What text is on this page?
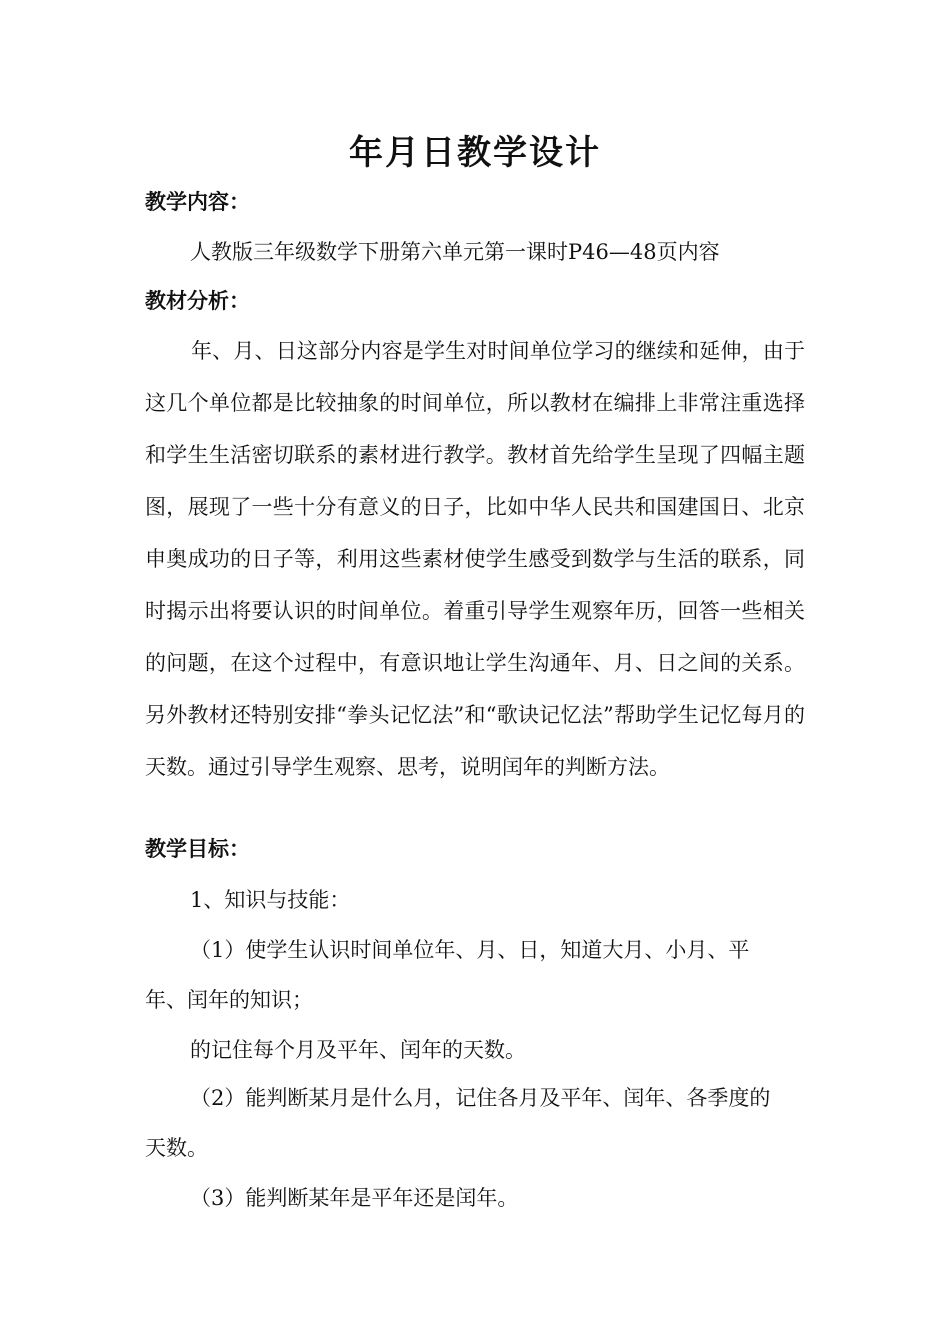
年月日教学设计
教学内容：
人教版三年级数学下册第六单元第一课时P46—48页内容
教材分析：

年、月、日这部分内容是学生对时间单位学习的继续和延伸，由于这几个单位都是比较抽象的时间单位，所以教材在编排上非常注重选择和学生生活密切联系的素材进行教学。教材首先给学生呈现了四幅主题图，展现了一些十分有意义的日子，比如中华人民共和国建国日、北京申奥成功的日子等，利用这些素材使学生感受到数学与生活的联系，同时揭示出将要认识的时间单位。着重引导学生观察年历，回答一些相关的问题，在这个过程中，有意识地让学生沟通年、月、日之间的关系。另外教材还特别安排“拳头记忆法”和“歌诀记忆法”帮助学生记忆每月的天数。通过引导学生观察、思考，说明闰年的判断方法。

教学目标：
1、知识与技能：
（1）使学生认识时间单位年、月、日，知道大月、小月、平
年、闰年的知识；
的记住每个月及平年、闰年的天数。
（2）能判断某月是什么月，记住各月及平年、闰年、各季度的
天数。
（3）能判断某年是平年还是闰年。
